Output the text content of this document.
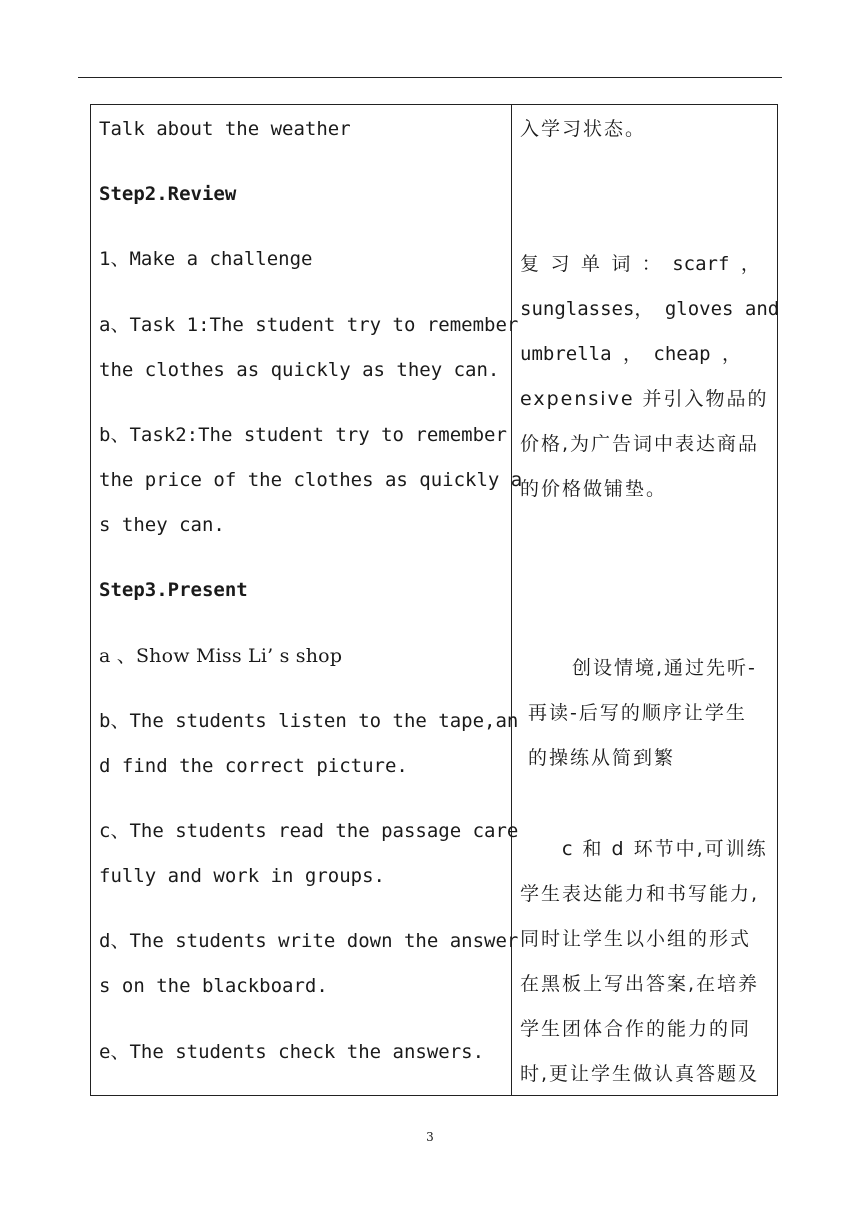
Talk about the weather
Step2.Review
1、Make a challenge
a、Task 1:The student try to remember
the clothes as quickly as they can.
b、Task2:The student try to remember
the price of the clothes as quickly a
s they can.
Step3.Present
a 、Show Miss Li’ s shop
b、The students listen to the tape,an
d find the correct picture.
c、The students read the passage care
fully and work in groups.
d、The students write down the answer
s on the blackboard.
e、The students check the answers.
入学习状态。
复 习 单 词 ： scarf ，
sunglasses， gloves and
umbrella ， cheap ，
expensive 并引入物品的
价格,为广告词中表达商品
的价格做铺垫。
创设情境,通过先听-
再读-后写的顺序让学生
的操练从简到繁
c 和 d 环节中,可训练
学生表达能力和书写能力,
同时让学生以小组的形式
在黑板上写出答案,在培养
学生团体合作的能力的同
时,更让学生做认真答题及
3
